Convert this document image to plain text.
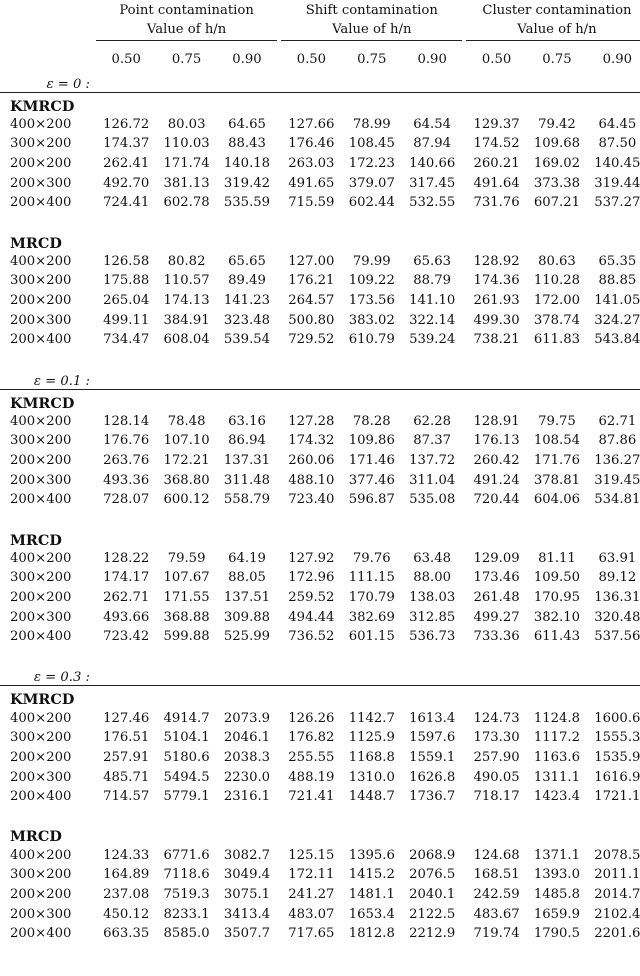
	Point contamination				Shift contamination				Cluster contamination		
	Value of h/n				Value of h/n				Value of h/n		

	0.50	0.75	0.90		0.50	0.75	0.90		0.50	0.75	0.90
ε = 0 :											

KMRCD											
400×200	126.72	80.03	64.65		127.66	78.99	64.54		129.37	79.42	64.45
300×200	174.37	110.03	88.43		176.46	108.45	87.94		174.52	109.68	87.50
200×200	262.41	171.74	140.18		263.03	172.23	140.66		260.21	169.02	140.45
200×300	492.70	381.13	319.42		491.65	379.07	317.45		491.64	373.38	319.44
200×400	724.41	602.78	535.59		715.59	602.44	532.55		731.76	607.21	537.27

MRCD											
400×200	126.58	80.82	65.65		127.00	79.99	65.63		128.92	80.63	65.35
300×200	175.88	110.57	89.49		176.21	109.22	88.79		174.36	110.28	88.85
200×200	265.04	174.13	141.23		264.57	173.56	141.10		261.93	172.00	141.05
200×300	499.11	384.91	323.48		500.80	383.02	322.14		499.30	378.74	324.27
200×400	734.47	608.04	539.54		729.52	610.79	539.24		738.21	611.83	543.84

ε = 0.1 :											

KMRCD											
400×200	128.14	78.48	63.16		127.28	78.28	62.28		128.91	79.75	62.71
300×200	176.76	107.10	86.94		174.32	109.86	87.37		176.13	108.54	87.86
200×200	263.76	172.21	137.31		260.06	171.46	137.72		260.42	171.76	136.27
200×300	493.36	368.80	311.48		488.10	377.46	311.04		491.24	378.81	319.45
200×400	728.07	600.12	558.79		723.40	596.87	535.08		720.44	604.06	534.81

MRCD											
400×200	128.22	79.59	64.19		127.92	79.76	63.48		129.09	81.11	63.91
300×200	174.17	107.67	88.05		172.96	111.15	88.00		173.46	109.50	89.12
200×200	262.71	171.55	137.51		259.52	170.79	138.03		261.48	170.95	136.31
200×300	493.66	368.88	309.88		494.44	382.69	312.85		499.27	382.10	320.48
200×400	723.42	599.88	525.99		736.52	601.15	536.73		733.36	611.43	537.56

ε = 0.3 :											

KMRCD											
400×200	127.46	4914.7	2073.9		126.26	1142.7	1613.4		124.73	1124.8	1600.6
300×200	176.51	5104.1	2046.1		176.82	1125.9	1597.6		173.30	1117.2	1555.3
200×200	257.91	5180.6	2038.3		255.55	1168.8	1559.1		257.90	1163.6	1535.9
200×300	485.71	5494.5	2230.0		488.19	1310.0	1626.8		490.05	1311.1	1616.9
200×400	714.57	5779.1	2316.1		721.41	1448.7	1736.7		718.17	1423.4	1721.1

MRCD											
400×200	124.33	6771.6	3082.7		125.15	1395.6	2068.9		124.68	1371.1	2078.5
300×200	164.89	7118.6	3049.4		172.11	1415.2	2076.5		168.51	1393.0	2011.1
200×200	237.08	7519.3	3075.1		241.27	1481.1	2040.1		242.59	1485.8	2014.7
200×300	450.12	8233.1	3413.4		483.07	1653.4	2122.5		483.67	1659.9	2102.4
200×400	663.35	8585.0	3507.7		717.65	1812.8	2212.9		719.74	1790.5	2201.6
